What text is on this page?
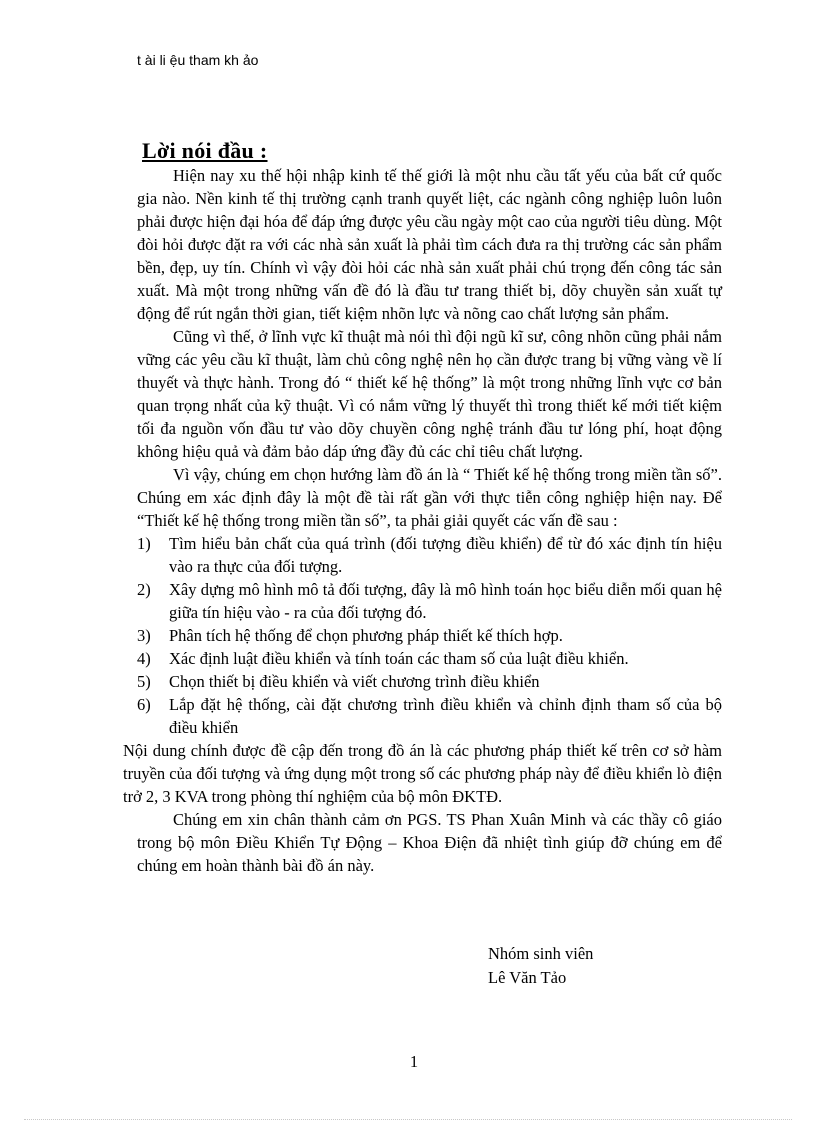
t ài li ệu tham kh ảo
Lời nói đầu :

Hiện nay xu thế hội nhập kinh tế thế giới là một nhu cầu tất yếu của bất cứ quốc gia nào. Nền kinh tế thị trường cạnh tranh quyết liệt, các ngành công nghiệp luôn luôn phải được hiện đại hóa để đáp ứng được yêu cầu ngày một cao của người tiêu dùng. Một đòi hỏi được đặt ra với các nhà sản xuất là phải tìm cách đưa ra thị trường các sản phẩm bền, đẹp, uy tín. Chính vì vậy đòi hỏi các nhà sản xuất phải chú trọng đến công tác sản xuất. Mà một trong những vấn đề đó là đầu tư trang thiết bị, dõy chuyền sản xuất tự động để rút ngắn thời gian, tiết kiệm nhõn lực và nõng cao chất lượng sản phẩm.

Cũng vì thế, ở lĩnh vực kĩ thuật mà nói thì đội ngũ kĩ sư, công nhõn cũng phải nắm vững các yêu cầu kĩ thuật, làm chủ công nghệ nên họ cần được trang bị vững vàng về lí thuyết và thực hành. Trong đó “ thiết kế hệ thống” là một trong những lĩnh vực cơ bản quan trọng nhất của kỹ thuật. Vì có nắm vững lý thuyết thì trong thiết kế mới tiết kiệm tối đa nguồn vốn đầu tư vào dõy chuyền công nghệ tránh đầu tư lóng phí, hoạt động không hiệu quả và đảm bảo dáp ứng đầy đủ các chỉ tiêu chất lượng.

Vì vậy, chúng em chọn hướng làm đồ án là “ Thiết kế hệ thống trong miền tần số”. Chúng em xác định đây là một đề tài rất gần với thực tiễn công nghiệp hiện nay. Để “Thiết kế hệ thống trong miền tần số”, ta phải giải quyết các vấn đề sau :

1)	Tìm hiểu bản chất của quá trình (đối tượng điều khiển) để từ đó xác định tín hiệu vào ra thực của đối tượng.
2)	Xây dựng mô hình mô tả đối tượng, đây là mô hình toán học biểu diễn mối quan hệ giữa tín hiệu vào - ra của đối tượng đó.
3)	Phân tích hệ thống để chọn phương pháp thiết kế thích hợp.
4)	Xác định luật điều khiển và tính toán các tham số của luật điều khiển.
5)	Chọn thiết bị điều khiển và viết chương trình điều khiển
6)	Lắp đặt hệ thống, cài đặt chương trình điều khiển và chỉnh định tham số của bộ điều khiển

Nội dung chính được đề cập đến trong đồ án là các phương pháp thiết kế trên cơ sở hàm truyền của đối tượng và ứng dụng một trong số các phương pháp này để điều khiển lò điện trở 2, 3 KVA trong phòng thí nghiệm của bộ môn ĐKTĐ.

Chúng em xin chân thành cảm ơn PGS. TS Phan Xuân Minh và các thầy cô giáo trong bộ môn Điều Khiển Tự Động – Khoa Điện đã nhiệt tình giúp đỡ chúng em để chúng em hoàn thành bài đồ án này.

Nhóm sinh viên
Lê Văn Tảo
1
